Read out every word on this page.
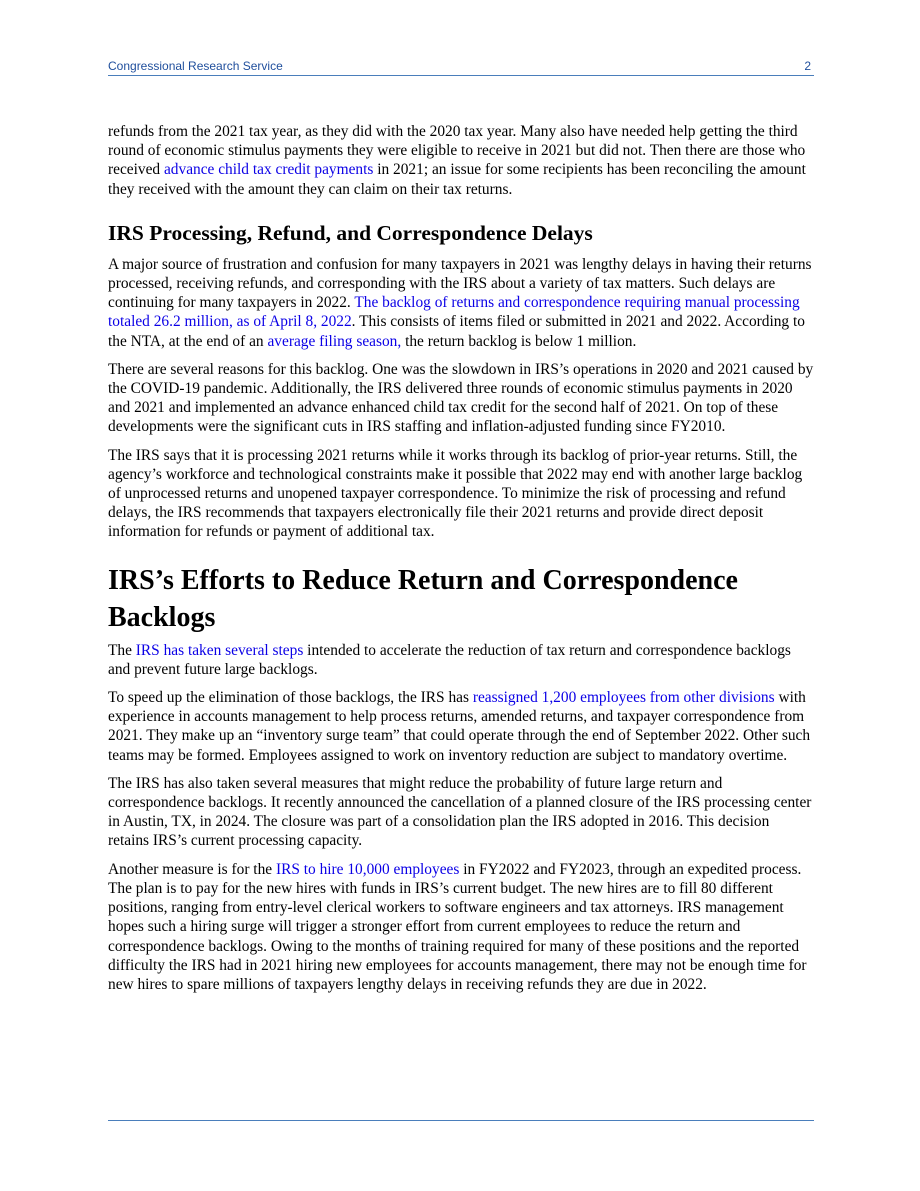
Congressional Research Service	2

refunds from the 2021 tax year, as they did with the 2020 tax year. Many also have needed help getting the third round of economic stimulus payments they were eligible to receive in 2021 but did not. Then there are those who received advance child tax credit payments in 2021; an issue for some recipients has been reconciling the amount they received with the amount they can claim on their tax returns.

IRS Processing, Refund, and Correspondence Delays

A major source of frustration and confusion for many taxpayers in 2021 was lengthy delays in having their returns processed, receiving refunds, and corresponding with the IRS about a variety of tax matters. Such delays are continuing for many taxpayers in 2022. The backlog of returns and correspondence requiring manual processing totaled 26.2 million, as of April 8, 2022. This consists of items filed or submitted in 2021 and 2022. According to the NTA, at the end of an average filing season, the return backlog is below 1 million.

There are several reasons for this backlog. One was the slowdown in IRS’s operations in 2020 and 2021 caused by the COVID-19 pandemic. Additionally, the IRS delivered three rounds of economic stimulus payments in 2020 and 2021 and implemented an advance enhanced child tax credit for the second half of 2021. On top of these developments were the significant cuts in IRS staffing and inflation-adjusted funding since FY2010.

The IRS says that it is processing 2021 returns while it works through its backlog of prior-year returns. Still, the agency’s workforce and technological constraints make it possible that 2022 may end with another large backlog of unprocessed returns and unopened taxpayer correspondence. To minimize the risk of processing and refund delays, the IRS recommends that taxpayers electronically file their 2021 returns and provide direct deposit information for refunds or payment of additional tax.

IRS’s Efforts to Reduce Return and Correspondence Backlogs

The IRS has taken several steps intended to accelerate the reduction of tax return and correspondence backlogs and prevent future large backlogs.

To speed up the elimination of those backlogs, the IRS has reassigned 1,200 employees from other divisions with experience in accounts management to help process returns, amended returns, and taxpayer correspondence from 2021. They make up an “inventory surge team” that could operate through the end of September 2022. Other such teams may be formed. Employees assigned to work on inventory reduction are subject to mandatory overtime.

The IRS has also taken several measures that might reduce the probability of future large return and correspondence backlogs. It recently announced the cancellation of a planned closure of the IRS processing center in Austin, TX, in 2024. The closure was part of a consolidation plan the IRS adopted in 2016. This decision retains IRS’s current processing capacity.

Another measure is for the IRS to hire 10,000 employees in FY2022 and FY2023, through an expedited process. The plan is to pay for the new hires with funds in IRS’s current budget. The new hires are to fill 80 different positions, ranging from entry-level clerical workers to software engineers and tax attorneys. IRS management hopes such a hiring surge will trigger a stronger effort from current employees to reduce the return and correspondence backlogs. Owing to the months of training required for many of these positions and the reported difficulty the IRS had in 2021 hiring new employees for accounts management, there may not be enough time for new hires to spare millions of taxpayers lengthy delays in receiving refunds they are due in 2022.
